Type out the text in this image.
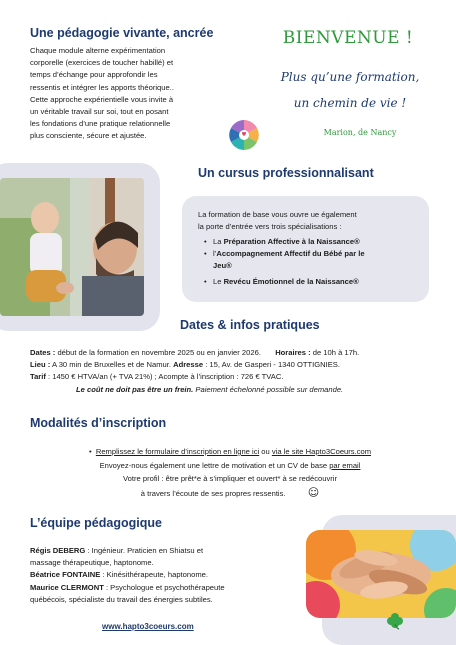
Une pédagogie vivante, ancrée
Chaque module alterne expérimentation
corporelle (exercices de toucher habillé) et
temps d’échange pour approfondir les
ressentis et intégrer les apports théorique..
Cette approche expérientielle vous invite à
un véritable travail sur soi, tout en posant
les fondations d’une pratique relationnelle
plus consciente, sécure et ajustée.
BIENVENUE !
Plus qu’une formation,
un chemin de vie !
Marion, de Nancy
Un cursus professionnalisant
La formation de base vous ouvre ue également
la porte d’entrée vers trois spécialisations :
• La Préparation Affective à la Naissance®
• l’Accompagnement Affectif du Bébé par le
Jeu®
• Le Revécu Émotionnel de la Naissance®
Dates & infos pratiques
Dates : début de la formation en novembre 2025 ou en janvier 2026. Horaires : de 10h à 17h.
Lieu : A 30 min de Bruxelles et de Namur. Adresse : 15, Av. de Gasperi - 1340 OTTIGNIES.
Tarif : 1450 € HTVA/an (+ TVA 21%) ; Acompte à l’inscription : 726 € TVAC.
Le coût ne doit pas être un frein. Paiement échelonné possible sur demande.
Modalités d’inscription
•  Remplissez le formulaire d’inscription en ligne ici ou via le site Hapto3Coeurs.com
Envoyez-nous également une lettre de motivation et un CV de base par email
Votre profil : être prêt*e à s’impliquer et ouvert* à se redécouvrir
à travers l’écoute de ses propres ressentis. ☺
L’équipe pédagogique
Régis DEBERG : Ingénieur. Praticien en Shiatsu et
massage thérapeutique, haptonome.
Béatrice FONTAINE : Kinésithérapeute, haptonome.
Maurice CLERMONT : Psychologue et psychothérapeute
québécois, spécialiste du travail des énergies subtiles.
www.hapto3coeurs.com
